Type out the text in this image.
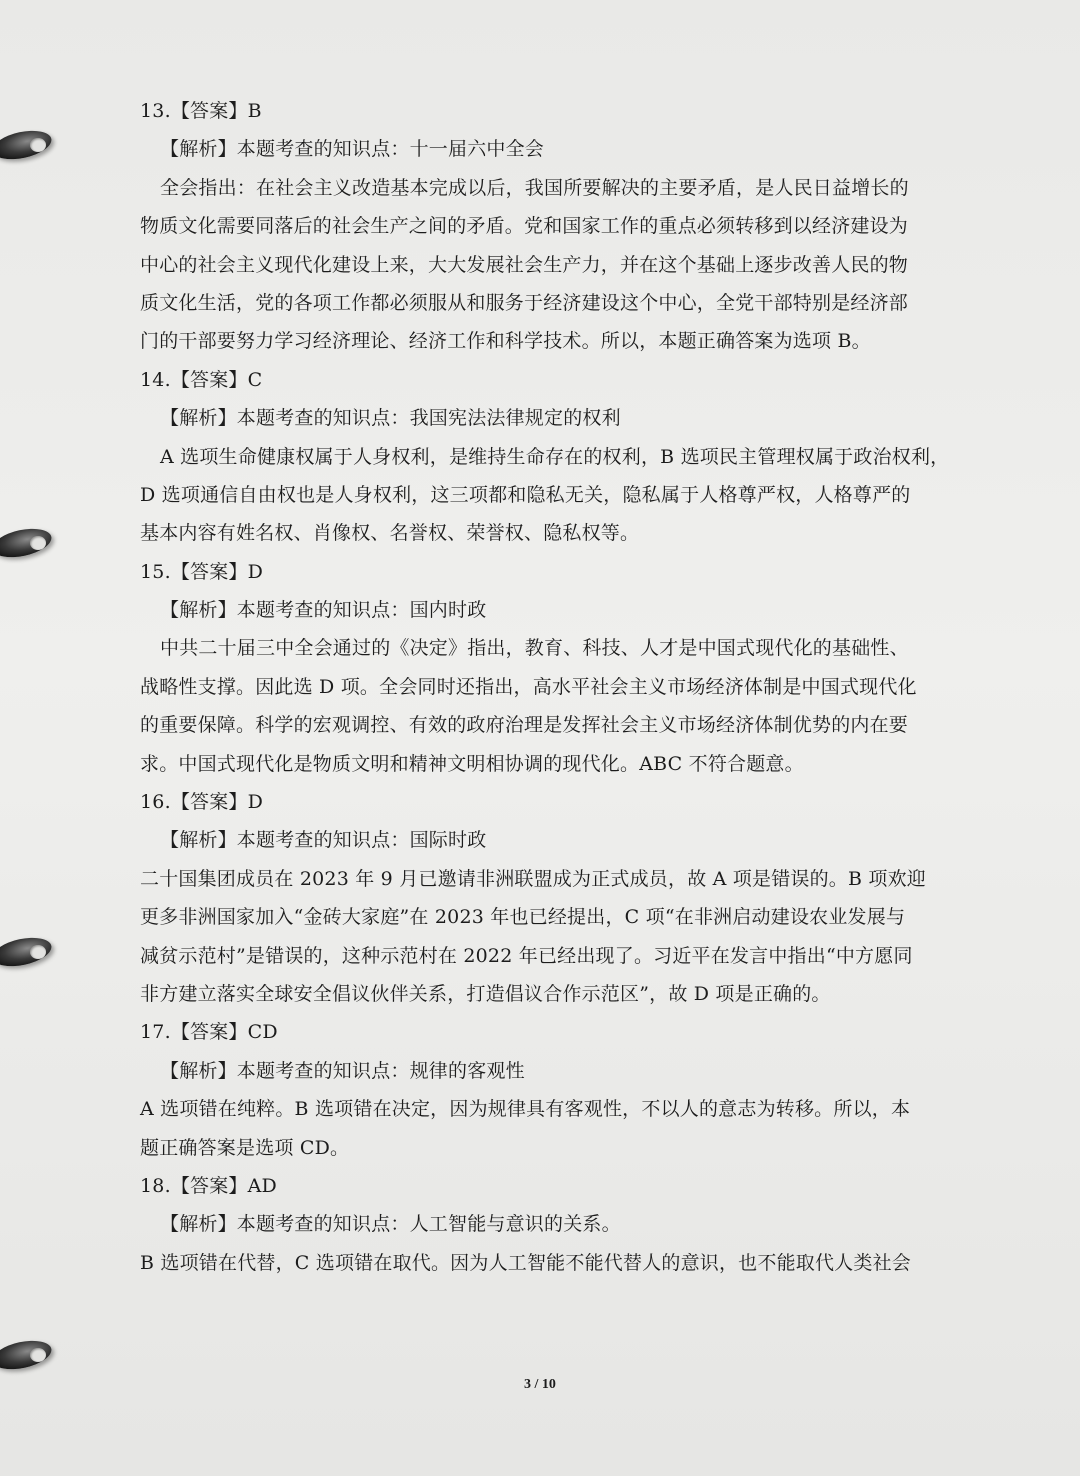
13.【答案】B
【解析】本题考查的知识点：十一届六中全会
全会指出：在社会主义改造基本完成以后，我国所要解决的主要矛盾，是人民日益增长的
物质文化需要同落后的社会生产之间的矛盾。党和国家工作的重点必须转移到以经济建设为
中心的社会主义现代化建设上来，大大发展社会生产力，并在这个基础上逐步改善人民的物
质文化生活，党的各项工作都必须服从和服务于经济建设这个中心，全党干部特别是经济部
门的干部要努力学习经济理论、经济工作和科学技术。所以，本题正确答案为选项 B。
14.【答案】C
【解析】本题考查的知识点：我国宪法法律规定的权利
A 选项生命健康权属于人身权利，是维持生命存在的权利，B 选项民主管理权属于政治权利，
D 选项通信自由权也是人身权利，这三项都和隐私无关，隐私属于人格尊严权，人格尊严的
基本内容有姓名权、肖像权、名誉权、荣誉权、隐私权等。
15.【答案】D
【解析】本题考查的知识点：国内时政
中共二十届三中全会通过的《决定》指出，教育、科技、人才是中国式现代化的基础性、
战略性支撑。因此选 D 项。全会同时还指出，高水平社会主义市场经济体制是中国式现代化
的重要保障。科学的宏观调控、有效的政府治理是发挥社会主义市场经济体制优势的内在要
求。中国式现代化是物质文明和精神文明相协调的现代化。ABC 不符合题意。
16.【答案】D
【解析】本题考查的知识点：国际时政
二十国集团成员在 2023 年 9 月已邀请非洲联盟成为正式成员，故 A 项是错误的。B 项欢迎
更多非洲国家加入“金砖大家庭”在 2023 年也已经提出，C 项“在非洲启动建设农业发展与
减贫示范村”是错误的，这种示范村在 2022 年已经出现了。习近平在发言中指出“中方愿同
非方建立落实全球安全倡议伙伴关系，打造倡议合作示范区”，故 D 项是正确的。
17.【答案】CD
【解析】本题考查的知识点：规律的客观性
A 选项错在纯粹。B 选项错在决定，因为规律具有客观性，不以人的意志为转移。所以，本
题正确答案是选项 CD。
18.【答案】AD
【解析】本题考查的知识点：人工智能与意识的关系。
B 选项错在代替，C 选项错在取代。因为人工智能不能代替人的意识，也不能取代人类社会
3 / 10
